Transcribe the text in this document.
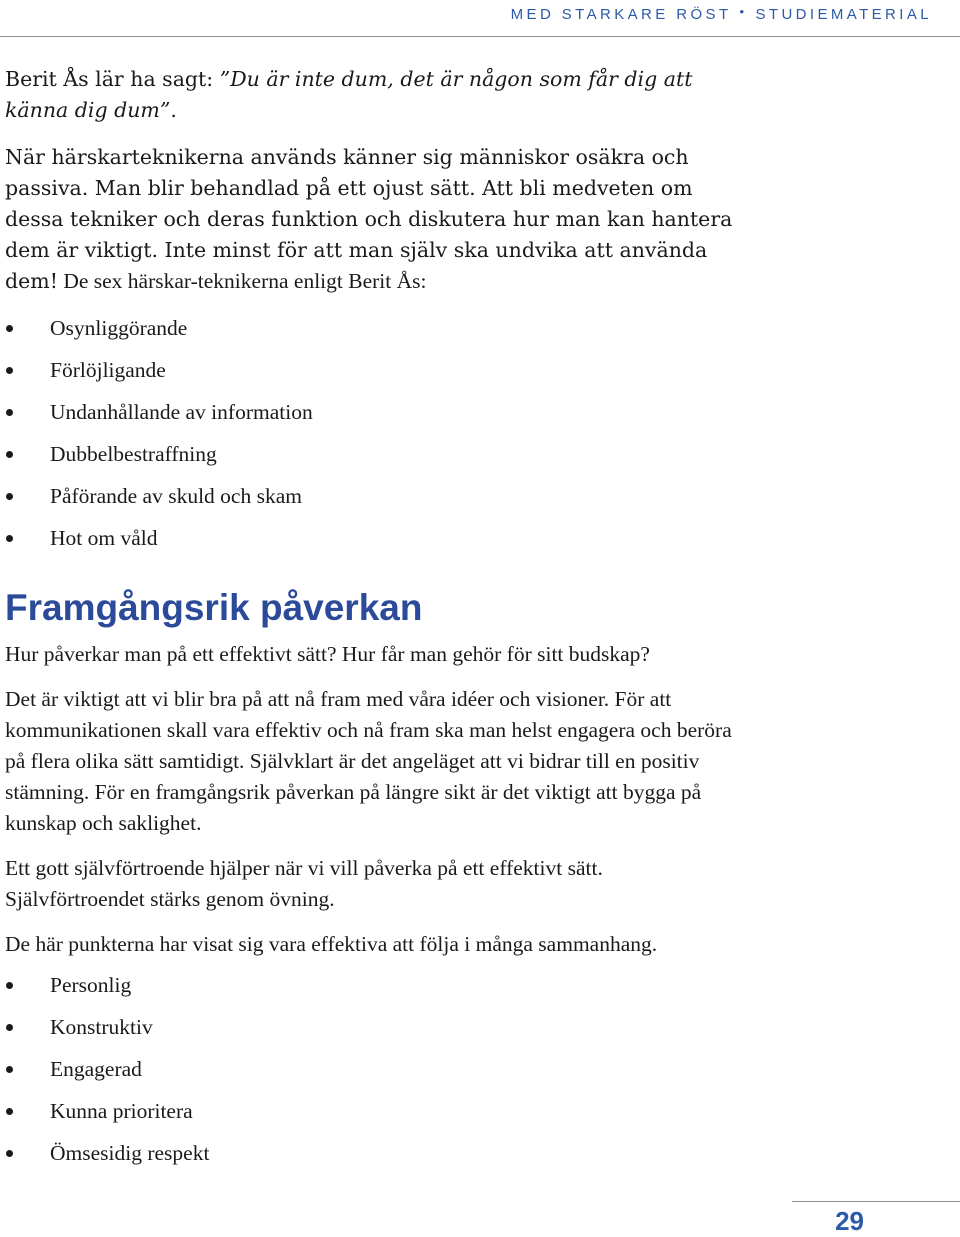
MED STARKARE RÖST • STUDIEMATERIAL

Berit Ås lär ha sagt: ”Du är inte dum, det är någon som får dig att känna dig dum”.

När härskarteknikerna används känner sig människor osäkra och passiva. Man blir behandlad på ett ojust sätt. Att bli medveten om dessa tekniker och deras funktion och diskutera hur man kan hantera dem är viktigt. Inte minst för att man själv ska undvika att använda dem! De sex härskar-teknikerna enligt Berit Ås:

Osynliggörande
Förlöjligande
Undanhållande av information
Dubbelbestraffning
Påförande av skuld och skam
Hot om våld
Framgångsrik påverkan

Hur påverkar man på ett effektivt sätt? Hur får man gehör för sitt budskap?

Det är viktigt att vi blir bra på att nå fram med våra idéer och visioner. För att kommunikationen skall vara effektiv och nå fram ska man helst engagera och beröra på flera olika sätt samtidigt. Självklart är det angeläget att vi bidrar till en positiv stämning. För en framgångsrik påverkan på längre sikt är det viktigt att bygga på kunskap och saklighet.

Ett gott självförtroende hjälper när vi vill påverka på ett effektivt sätt. Självförtroendet stärks genom övning.

De här punkterna har visat sig vara effektiva att följa i många sammanhang.

Personlig
Konstruktiv
Engagerad
Kunna prioritera
Ömsesidig respekt
29
